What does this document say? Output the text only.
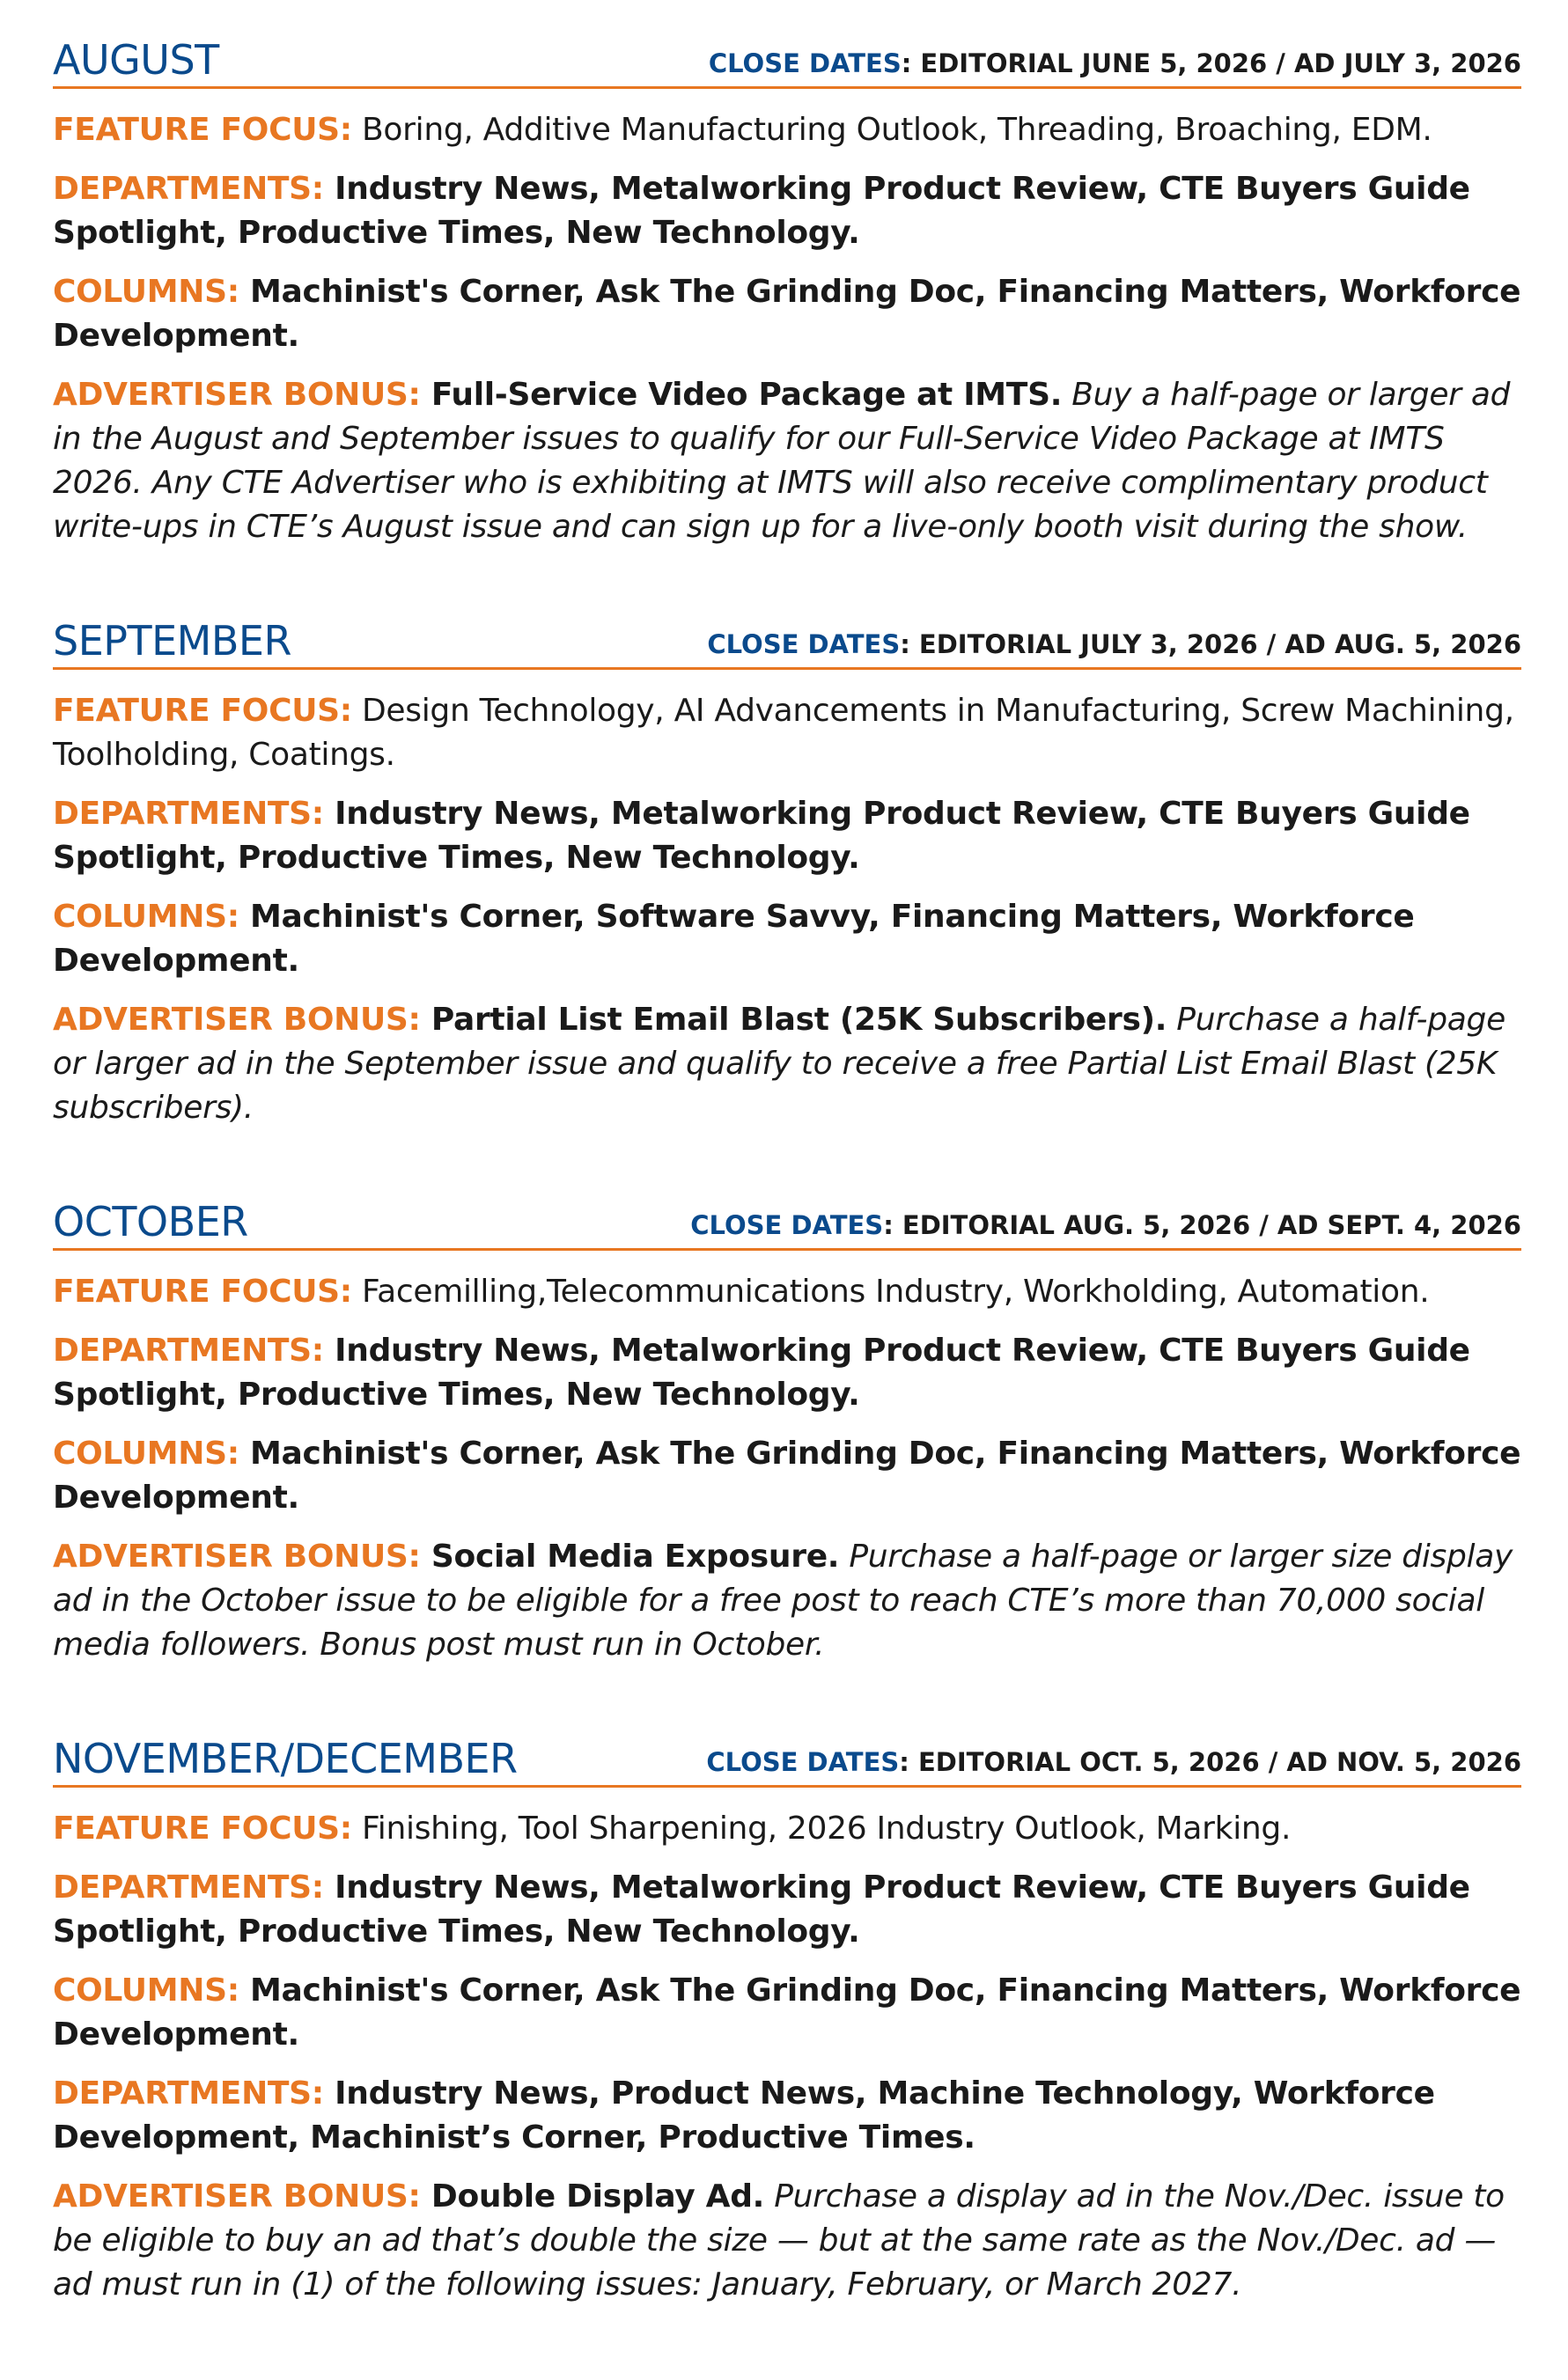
AUGUST	CLOSE DATES: EDITORIAL JUNE 5, 2026 / AD JULY 3, 2026

FEATURE FOCUS: Boring, Additive Manufacturing Outlook, Threading, Broaching, EDM.

DEPARTMENTS: Industry News, Metalworking Product Review, CTE Buyers Guide Spotlight, Productive Times, New Technology.

COLUMNS: Machinist's Corner, Ask The Grinding Doc, Financing Matters, Workforce Development.

ADVERTISER BONUS: Full-Service Video Package at IMTS. Buy a half-page or larger ad in the August and September issues to qualify for our Full-Service Video Package at IMTS 2026. Any CTE Advertiser who is exhibiting at IMTS will also receive complimentary product write-ups in CTE’s August issue and can sign up for a live-only booth visit during the show.

SEPTEMBER	CLOSE DATES: EDITORIAL JULY 3, 2026 / AD AUG. 5, 2026

FEATURE FOCUS: Design Technology, AI Advancements in Manufacturing, Screw Machining, Toolholding, Coatings.

DEPARTMENTS: Industry News, Metalworking Product Review, CTE Buyers Guide Spotlight, Productive Times, New Technology.

COLUMNS: Machinist's Corner, Software Savvy, Financing Matters, Workforce Development.

ADVERTISER BONUS: Partial List Email Blast (25K Subscribers). Purchase a half-page or larger ad in the September issue and qualify to receive a free Partial List Email Blast (25K subscribers).

OCTOBER	CLOSE DATES: EDITORIAL AUG. 5, 2026 / AD SEPT. 4, 2026

FEATURE FOCUS: Facemilling,Telecommunications Industry, Workholding, Automation.

DEPARTMENTS: Industry News, Metalworking Product Review, CTE Buyers Guide Spotlight, Productive Times, New Technology.

COLUMNS: Machinist's Corner, Ask The Grinding Doc, Financing Matters, Workforce Development.

ADVERTISER BONUS: Social Media Exposure. Purchase a half-page or larger size display ad in the October issue to be eligible for a free post to reach CTE’s more than 70,000 social media followers. Bonus post must run in October.

NOVEMBER/DECEMBER	CLOSE DATES: EDITORIAL OCT. 5, 2026 / AD NOV. 5, 2026

FEATURE FOCUS: Finishing, Tool Sharpening, 2026 Industry Outlook, Marking.

DEPARTMENTS: Industry News, Metalworking Product Review, CTE Buyers Guide Spotlight, Productive Times, New Technology.

COLUMNS: Machinist's Corner, Ask The Grinding Doc, Financing Matters, Workforce Development.

DEPARTMENTS: Industry News, Product News, Machine Technology, Workforce Development, Machinist’s Corner, Productive Times.

ADVERTISER BONUS: Double Display Ad. Purchase a display ad in the Nov./Dec. issue to be eligible to buy an ad that’s double the size — but at the same rate as the Nov./Dec. ad — ad must run in (1) of the following issues: January, February, or March 2027.
